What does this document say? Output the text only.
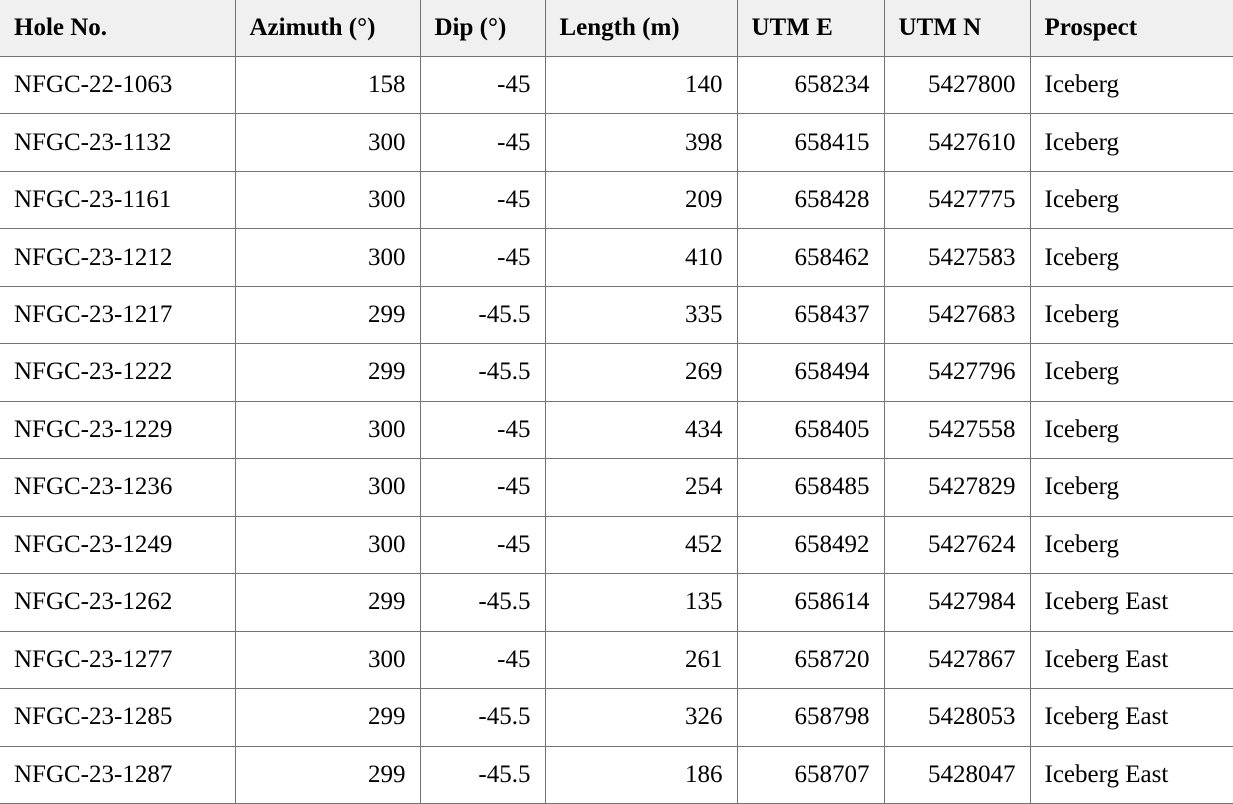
Hole No.	Azimuth (°)	Dip (°)	Length (m)	UTM E	UTM N	Prospect
NFGC-22-1063	158	-45	140	658234	5427800	Iceberg
NFGC-23-1132	300	-45	398	658415	5427610	Iceberg
NFGC-23-1161	300	-45	209	658428	5427775	Iceberg
NFGC-23-1212	300	-45	410	658462	5427583	Iceberg
NFGC-23-1217	299	-45.5	335	658437	5427683	Iceberg
NFGC-23-1222	299	-45.5	269	658494	5427796	Iceberg
NFGC-23-1229	300	-45	434	658405	5427558	Iceberg
NFGC-23-1236	300	-45	254	658485	5427829	Iceberg
NFGC-23-1249	300	-45	452	658492	5427624	Iceberg
NFGC-23-1262	299	-45.5	135	658614	5427984	Iceberg East
NFGC-23-1277	300	-45	261	658720	5427867	Iceberg East
NFGC-23-1285	299	-45.5	326	658798	5428053	Iceberg East
NFGC-23-1287	299	-45.5	186	658707	5428047	Iceberg East
